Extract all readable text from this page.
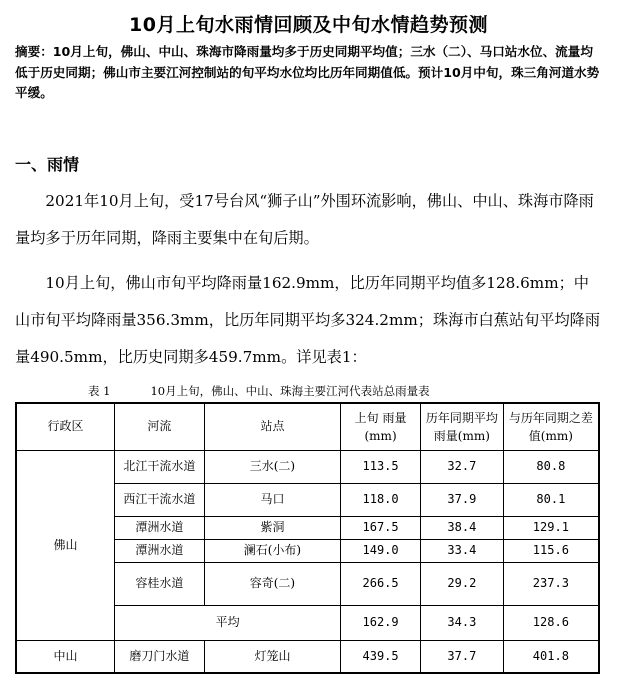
10月上旬水雨情回顾及中旬水情趋势预测
摘要：10月上旬，佛山、中山、珠海市降雨量均多于历史同期平均值；三水（二）、马口站水位、流量均低于历史同期；佛山市主要江河控制站的旬平均水位均比历年同期值低。预计10月中旬，珠三角河道水势平缓。
一、雨情
2021年10月上旬，受17号台风“狮子山”外围环流影响，佛山、中山、珠海市降雨量均多于历年同期，降雨主要集中在旬后期。
10月上旬，佛山市旬平均降雨量162.9mm，比历年同期平均值多128.6mm；中山市旬平均降雨量356.3mm，比历年同期平均多324.2mm；珠海市白蕉站旬平均降雨量490.5mm，比历史同期多459.7mm。详见表1：
表 1	10月上旬，佛山、中山、珠海主要江河代表站总雨量表
行政区	河流	站点	上旬 雨量(mm)	历年同期平均雨量(mm)	与历年同期之差值(mm)
佛山	北江干流水道	三水(二)	113.5	32.7	80.8
	西江干流水道	马口	118.0	37.9	80.1
	潭洲水道	紫洞	167.5	38.4	129.1
	潭洲水道	澜石(小布)	149.0	33.4	115.6
	容桂水道	容奇(二)	266.5	29.2	237.3
	平均		162.9	34.3	128.6
中山	磨刀门水道	灯笼山	439.5	37.7	401.8
